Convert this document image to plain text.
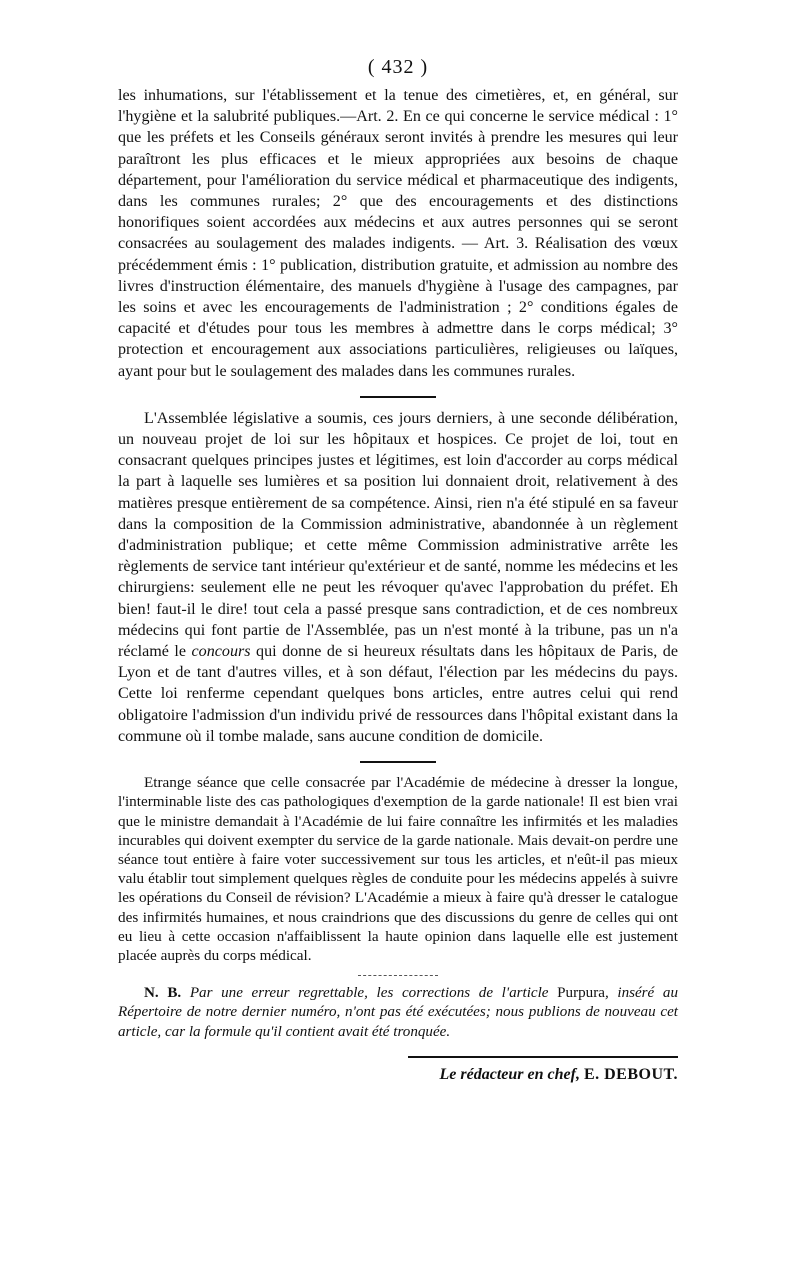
( 432 )

les inhumations, sur l'établissement et la tenue des cimetières, et, en général, sur l'hygiène et la salubrité publiques.—Art. 2. En ce qui concerne le service médical : 1° que les préfets et les Conseils généraux seront invités à prendre les mesures qui leur paraîtront les plus efficaces et le mieux appropriées aux besoins de chaque département, pour l'amélioration du service médical et pharmaceutique des indigents, dans les communes rurales; 2° que des encouragements et des distinctions honorifiques soient accordées aux médecins et aux autres personnes qui se seront consacrées au soulagement des malades indigents. — Art. 3. Réalisation des vœux précédemment émis : 1° publication, distribution gratuite, et admission au nombre des livres d'instruction élémentaire, des manuels d'hygiène à l'usage des campagnes, par les soins et avec les encouragements de l'administration ; 2° conditions égales de capacité et d'études pour tous les membres à admettre dans le corps médical; 3° protection et encouragement aux associations particulières, religieuses ou laïques, ayant pour but le soulagement des malades dans les communes rurales.

L'Assemblée législative a soumis, ces jours derniers, à une seconde délibération, un nouveau projet de loi sur les hôpitaux et hospices. Ce projet de loi, tout en consacrant quelques principes justes et légitimes, est loin d'accorder au corps médical la part à laquelle ses lumières et sa position lui donnaient droit, relativement à des matières presque entièrement de sa compétence. Ainsi, rien n'a été stipulé en sa faveur dans la composition de la Commission administrative, abandonnée à un règlement d'administration publique; et cette même Commission administrative arrête les règlements de service tant intérieur qu'extérieur et de santé, nomme les médecins et les chirurgiens: seulement elle ne peut les révoquer qu'avec l'approbation du préfet. Eh bien! faut-il le dire! tout cela a passé presque sans contradiction, et de ces nombreux médecins qui font partie de l'Assemblée, pas un n'est monté à la tribune, pas un n'a réclamé le concours qui donne de si heureux résultats dans les hôpitaux de Paris, de Lyon et de tant d'autres villes, et à son défaut, l'élection par les médecins du pays. Cette loi renferme cependant quelques bons articles, entre autres celui qui rend obligatoire l'admission d'un individu privé de ressources dans l'hôpital existant dans la commune où il tombe malade, sans aucune condition de domicile.

Etrange séance que celle consacrée par l'Académie de médecine à dresser la longue, l'interminable liste des cas pathologiques d'exemption de la garde nationale! Il est bien vrai que le ministre demandait à l'Académie de lui faire connaître les infirmités et les maladies incurables qui doivent exempter du service de la garde nationale. Mais devait-on perdre une séance tout entière à faire voter successivement sur tous les articles, et n'eût-il pas mieux valu établir tout simplement quelques règles de conduite pour les médecins appelés à suivre les opérations du Conseil de révision? L'Académie a mieux à faire qu'à dresser le catalogue des infirmités humaines, et nous craindrions que des discussions du genre de celles qui ont eu lieu à cette occasion n'affaiblissent la haute opinion dans laquelle elle est justement placée auprès du corps médical.

N. B. Par une erreur regrettable, les corrections de l'article Purpura, inséré au Répertoire de notre dernier numéro, n'ont pas été exécutées; nous publions de nouveau cet article, car la formule qu'il contient avait été tronquée.

Le rédacteur en chef, E. DEBOUT.
